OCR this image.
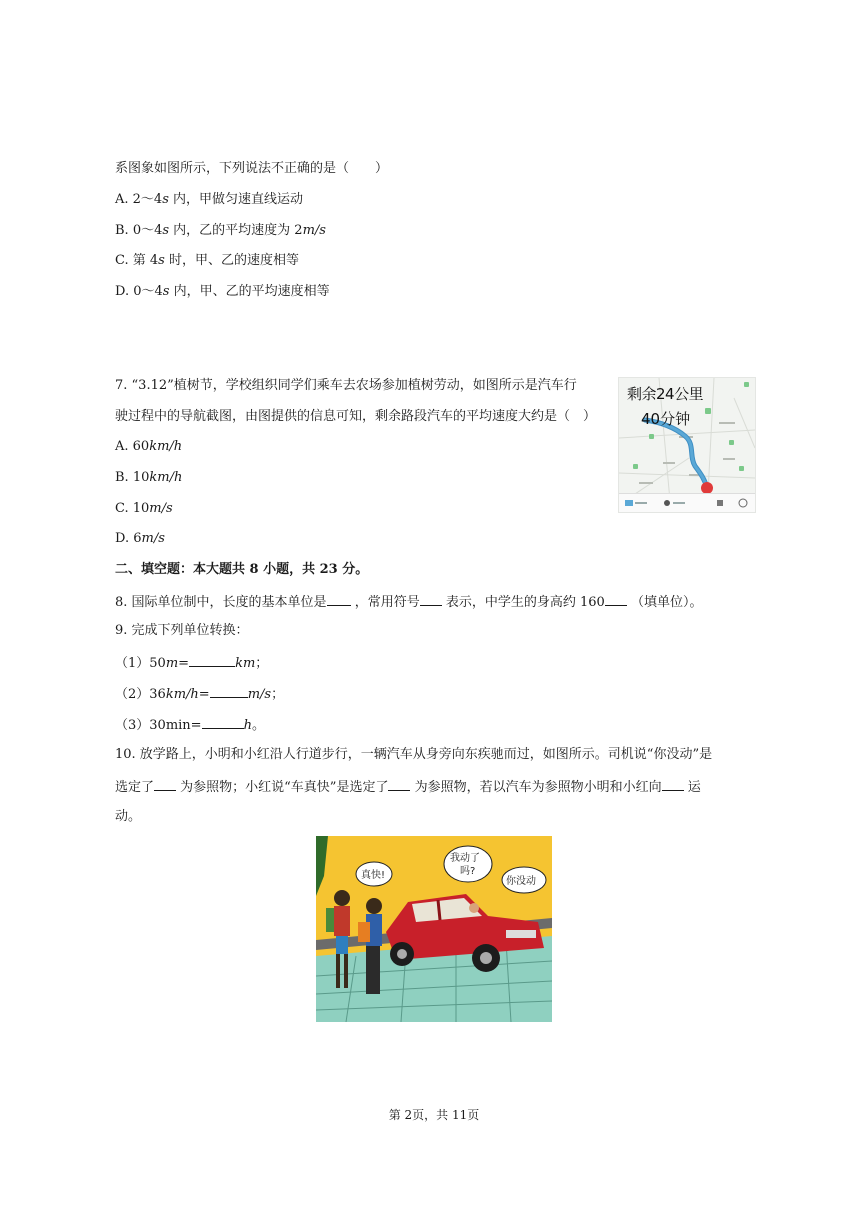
系图象如图所示，下列说法不正确的是（　　）
A. 2～4s 内，甲做匀速直线运动
B. 0～4s 内，乙的平均速度为 2m/s
C. 第 4s 时，甲、乙的速度相等
D. 0～4s 内，甲、乙的平均速度相等
7. “3.12”植树节，学校组织同学们乘车去农场参加植树劳动，如图所示是汽车行
驶过程中的导航截图，由图提供的信息可知，剩余路段汽车的平均速度大约是（　）
A. 60km/h
B. 10km/h
C. 10m/s
D. 6m/s
剩余24公里
40分钟
二、填空题：本大题共 8 小题，共 23 分。
8. 国际单位制中，长度的基本单位是 ，常用符号 表示，中学生的身高约 160 （填单位）。
9. 完成下列单位转换：
（1）50m=	km；
（2）36km/h=	m/s；
（3）30min=	h。
10. 放学路上，小明和小红沿人行道步行，一辆汽车从身旁向东疾驰而过，如图所示。司机说“你没动”是
选定了 为参照物；小红说“车真快”是选定了 为参照物，若以汽车为参照物小明和小红向 运
动。
真快!
我动了
吗?
你没动
第 2页，共 11页
